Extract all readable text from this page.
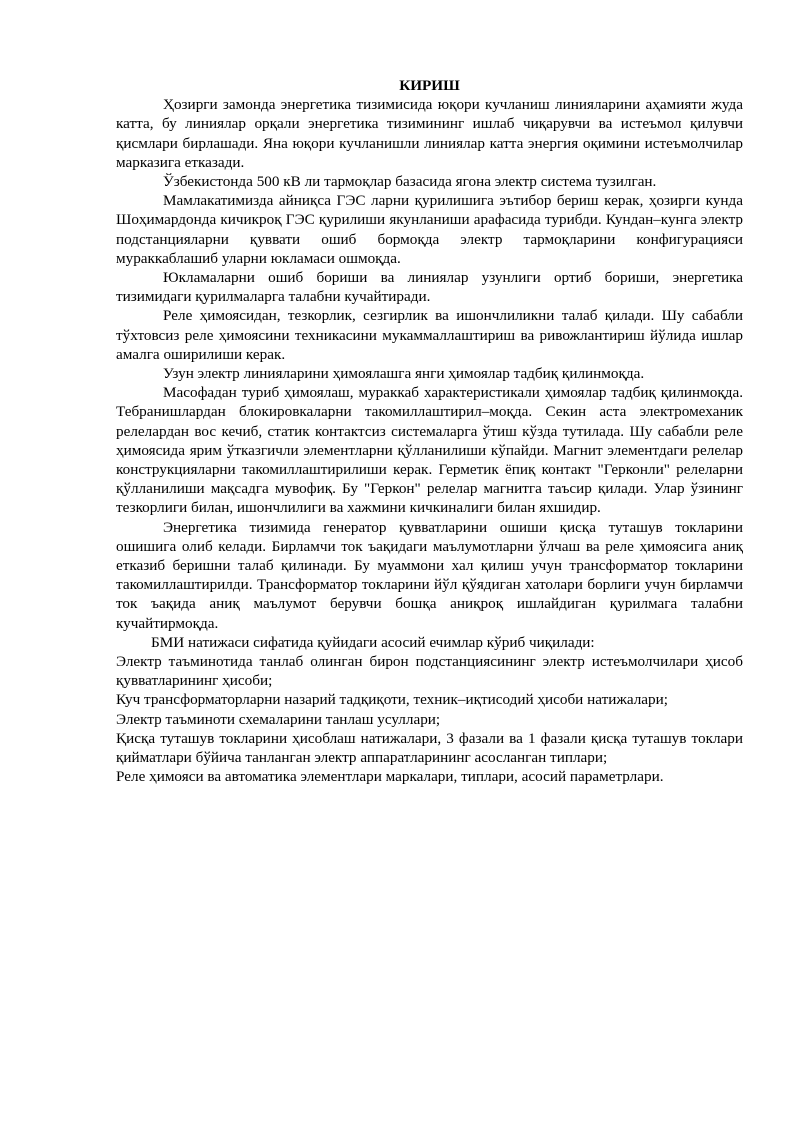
КИРИШ

Ҳозирги замонда энергетика тизимисида юқори кучланиш линияларини аҳамияти жуда катта, бу линиялар орқали энергетика тизимининг ишлаб чиқарувчи ва истеъмол қилувчи қисмлари бирлашади. Яна юқори кучланишли линиялар катта энергия оқимини истеъмолчилар марказига етказади.

Ўзбекистонда 500 кВ ли тармоқлар базасида ягона электр система тузилган.

Мамлакатимизда айниқса ГЭС ларни қурилишига эътибор бериш керак, ҳозирги кунда Шоҳимардонда кичикроқ ГЭС қурилиши якунланиши арафасида турибди. Кундан–кунга электр подстанцияларни қуввати ошиб бормоқда электр тармоқларини конфигурацияси мураккаблашиб уларни юкламаси ошмоқда.

Юкламаларни ошиб бориши ва линиялар узунлиги ортиб бориши, энергетика тизимидаги қурилмаларга талабни кучайтиради.

Реле ҳимоясидан, тезкорлик, сезгирлик ва ишончлиликни талаб қилади. Шу сабабли тўхтовсиз реле ҳимоясини техникасини мукаммаллаштириш ва ривожлантириш йўлида ишлар амалга оширилиши керак.

Узун электр линияларини ҳимоялашга янги ҳимоялар тадбиқ қилинмоқда.

Масофадан туриб ҳимоялаш, мураккаб характеристикали ҳимоялар тадбиқ қилинмоқда. Тебранишлардан блокировкаларни такомиллаштирил–моқда. Секин аста электромеханик релелардан вос кечиб, статик контактсиз системаларга ўтиш кўзда тутилада. Шу сабабли реле ҳимоясида ярим ўтказгичли элементларни қўлланилиши кўпайди. Магнит элементдаги релелар конструкцияларни такомиллаштирилиши керак. Герметик ёпиқ контакт "Герконли" релеларни қўлланилиши мақсадга мувофиқ. Бу "Геркон" релелар магнитга таъсир қилади. Улар ўзининг тезкорлиги билан, ишончлилиги ва хажмини кичкиналиги билан яхшидир.

Энергетика тизимида генератор қувватларини ошиши қисқа туташув токларини ошишига олиб келади. Бирламчи ток ъақидаги маълумотларни ўлчаш ва реле ҳимоясига аниқ етказиб беришни талаб қилинади. Бу муаммони хал қилиш учун трансформатор токларини такомиллаштирилди. Трансформатор токларини йўл қўядиган хатолари борлиги учун бирламчи ток ъақида аниқ маълумот берувчи бошқа аниқроқ ишлайдиган қурилмага талабни кучайтирмоқда.

БМИ натижаси сифатида қуйидаги асосий ечимлар кўриб чиқилади:

Электр таъминотида танлаб олинган бирон подстанциясининг электр истеъмолчилари ҳисоб қувватларининг ҳисоби;

Куч трансформаторларни назарий тадқиқоти, техник–иқтисодий ҳисоби натижалари;

Электр таъминоти схемаларини танлаш усуллари;

Қисқа туташув токларини ҳисоблаш натижалари, 3 фазали ва 1 фазали қисқа туташув токлари қийматлари бўйича танланган электр аппаратларининг асосланган типлари;

Реле ҳимояси ва автоматика элементлари маркалари, типлари, асосий параметрлари.
